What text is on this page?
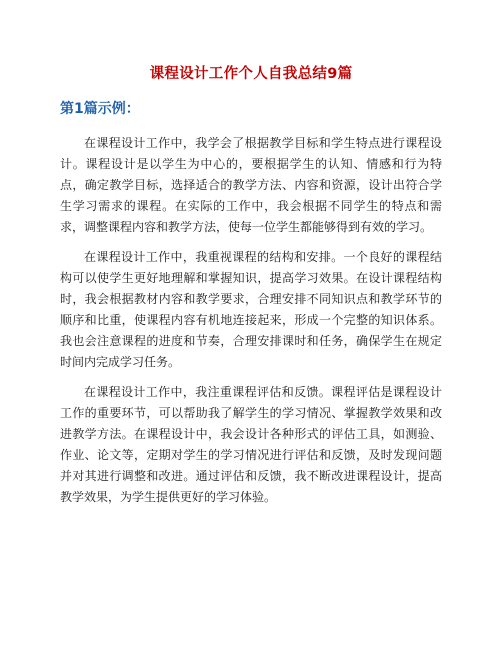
课程设计工作个人自我总结9篇
第1篇示例：

在课程设计工作中，我学会了根据教学目标和学生特点进行课程设计。课程设计是以学生为中心的，要根据学生的认知、情感和行为特点，确定教学目标，选择适合的教学方法、内容和资源，设计出符合学生学习需求的课程。在实际的工作中，我会根据不同学生的特点和需求，调整课程内容和教学方法，使每一位学生都能够得到有效的学习。

在课程设计工作中，我重视课程的结构和安排。一个良好的课程结构可以使学生更好地理解和掌握知识，提高学习效果。在设计课程结构时，我会根据教材内容和教学要求，合理安排不同知识点和教学环节的顺序和比重，使课程内容有机地连接起来，形成一个完整的知识体系。我也会注意课程的进度和节奏，合理安排课时和任务，确保学生在规定时间内完成学习任务。

在课程设计工作中，我注重课程评估和反馈。课程评估是课程设计工作的重要环节，可以帮助我了解学生的学习情况、掌握教学效果和改进教学方法。在课程设计中，我会设计各种形式的评估工具，如测验、作业、论文等，定期对学生的学习情况进行评估和反馈，及时发现问题并对其进行调整和改进。通过评估和反馈，我不断改进课程设计，提高教学效果，为学生提供更好的学习体验。
